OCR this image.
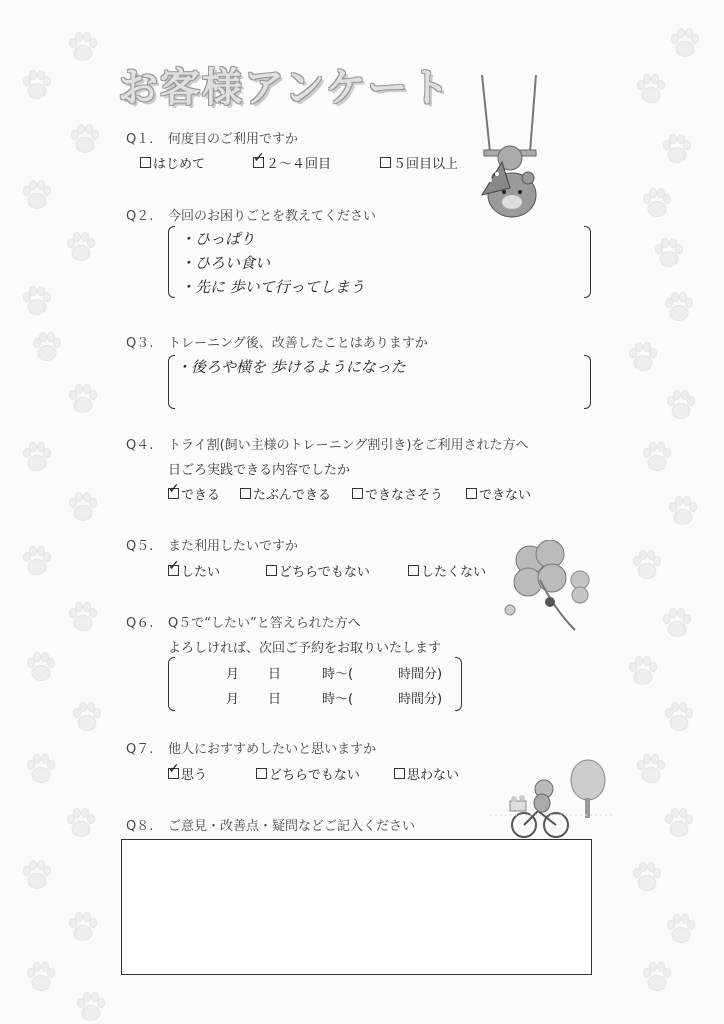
お客様アンケート
Q１. 何度目のご利用ですか
はじめて	✓ ２～４回目	５回目以上
Q２. 今回のお困りごとを教えてください
・ひっぱり
・ひろい食い
・先に 歩いて行ってしまう
Q３. トレーニング後、改善したことはありますか
・後ろや横を 歩けるようになった
Q４. トライ割(飼い主様のトレーニング割引き)をご利用された方へ
日ごろ実践できる内容でしたか
✓ できる	たぶんできる	できなさそう	できない
Q５. また利用したいですか
✓ したい	どちらでもない	したくない
Q６. Q５で“したい”と答えられた方へ
よろしければ、次回ご予約をお取りいたします
月 日	時～(	時間分)
月 日	時～(	時間分)
Q７. 他人におすすめしたいと思いますか
✓ 思う	どちらでもない	思わない
Q８. ご意見・改善点・疑問などご記入ください
